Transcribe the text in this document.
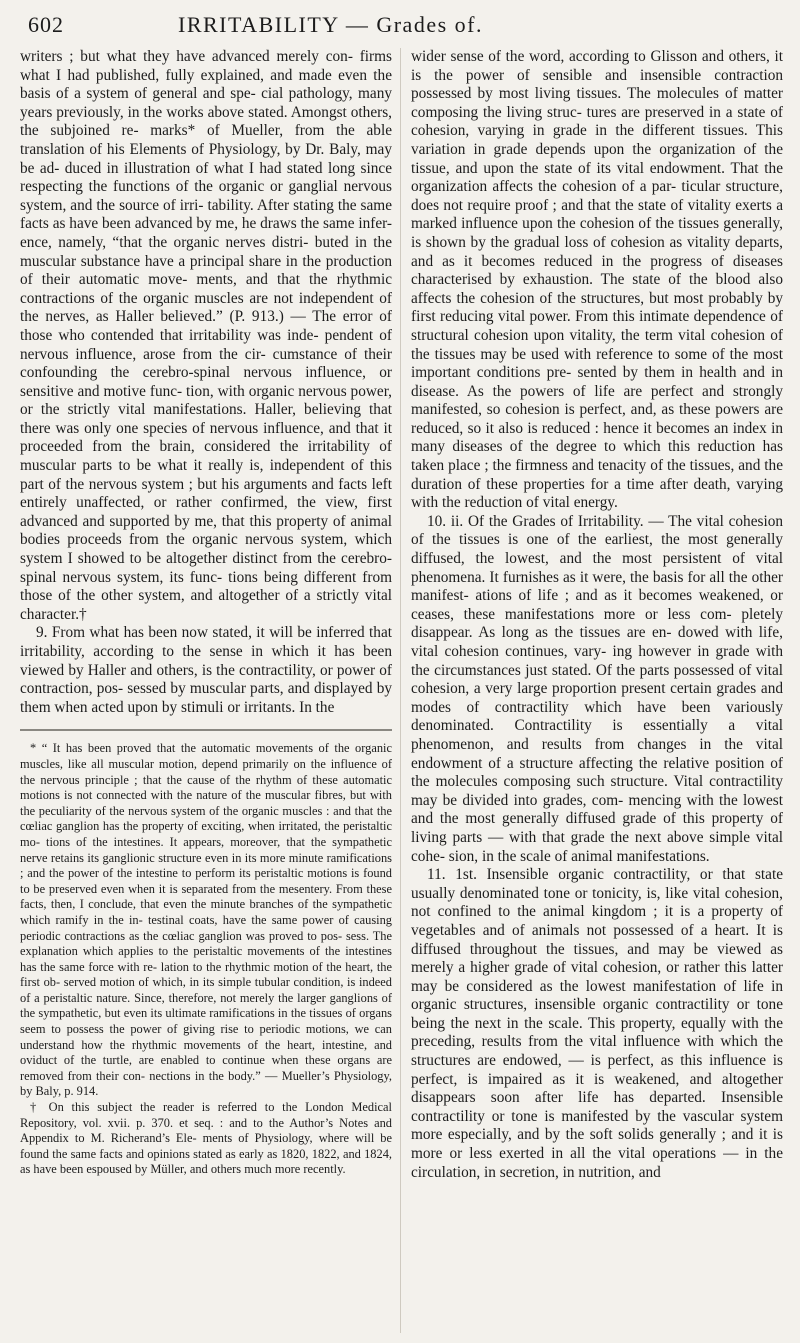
602	IRRITABILITY — Grades of.

writers ; but what they have advanced merely con- firms what I had published, fully explained, and made even the basis of a system of general and spe- cial pathology, many years previously, in the works above stated. Amongst others, the subjoined re- marks* of Mueller, from the able translation of his Elements of Physiology, by Dr. Baly, may be ad- duced in illustration of what I had stated long since respecting the functions of the organic or ganglial nervous system, and the source of irri- tability. After stating the same facts as have been advanced by me, he draws the same infer- ence, namely, “that the organic nerves distri- buted in the muscular substance have a principal share in the production of their automatic move- ments, and that the rhythmic contractions of the organic muscles are not independent of the nerves, as Haller believed.” (P. 913.) — The error of those who contended that irritability was inde- pendent of nervous influence, arose from the cir- cumstance of their confounding the cerebro-spinal nervous influence, or sensitive and motive func- tion, with organic nervous power, or the strictly vital manifestations. Haller, believing that there was only one species of nervous influence, and that it proceeded from the brain, considered the irritability of muscular parts to be what it really is, independent of this part of the nervous system ; but his arguments and facts left entirely unaffected, or rather confirmed, the view, first advanced and supported by me, that this property of animal bodies proceeds from the organic nervous system, which system I showed to be altogether distinct from the cerebro-spinal nervous system, its func- tions being different from those of the other system, and altogether of a strictly vital character.†

9. From what has been now stated, it will be inferred that irritability, according to the sense in which it has been viewed by Haller and others, is the contractility, or power of contraction, pos- sessed by muscular parts, and displayed by them when acted upon by stimuli or irritants. In the

* “ It has been proved that the automatic movements of the organic muscles, like all muscular motion, depend primarily on the influence of the nervous principle ; that the cause of the rhythm of these automatic motions is not connected with the nature of the muscular fibres, but with the peculiarity of the nervous system of the organic muscles : and that the cœliac ganglion has the property of exciting, when irritated, the peristaltic mo- tions of the intestines. It appears, moreover, that the sympathetic nerve retains its ganglionic structure even in its more minute ramifications ; and the power of the intestine to perform its peristaltic motions is found to be preserved even when it is separated from the mesentery. From these facts, then, I conclude, that even the minute branches of the sympathetic which ramify in the in- testinal coats, have the same power of causing periodic contractions as the cœliac ganglion was proved to pos- sess. The explanation which applies to the peristaltic movements of the intestines has the same force with re- lation to the rhythmic motion of the heart, the first ob- served motion of which, in its simple tubular condition, is indeed of a peristaltic nature. Since, therefore, not merely the larger ganglions of the sympathetic, but even its ultimate ramifications in the tissues of organs seem to possess the power of giving rise to periodic motions, we can understand how the rhythmic movements of the heart, intestine, and oviduct of the turtle, are enabled to continue when these organs are removed from their con- nections in the body.” — Mueller’s Physiology, by Baly, p. 914.

† On this subject the reader is referred to the London Medical Repository, vol. xvii. p. 370. et seq. : and to the Author’s Notes and Appendix to M. Richerand’s Ele- ments of Physiology, where will be found the same facts and opinions stated as early as 1820, 1822, and 1824, as have been espoused by Müller, and others much more recently.

wider sense of the word, according to Glisson and others, it is the power of sensible and insensible contraction possessed by most living tissues. The molecules of matter composing the living struc- tures are preserved in a state of cohesion, varying in grade in the different tissues. This variation in grade depends upon the organization of the tissue, and upon the state of its vital endowment. That the organization affects the cohesion of a par- ticular structure, does not require proof ; and that the state of vitality exerts a marked influence upon the cohesion of the tissues generally, is shown by the gradual loss of cohesion as vitality departs, and as it becomes reduced in the progress of diseases characterised by exhaustion. The state of the blood also affects the cohesion of the structures, but most probably by first reducing vital power. From this intimate dependence of structural cohesion upon vitality, the term vital cohesion of the tissues may be used with reference to some of the most important conditions pre- sented by them in health and in disease. As the powers of life are perfect and strongly manifested, so cohesion is perfect, and, as these powers are reduced, so it also is reduced : hence it becomes an index in many diseases of the degree to which this reduction has taken place ; the firmness and tenacity of the tissues, and the duration of these properties for a time after death, varying with the reduction of vital energy.

10. ii. Of the Grades of Irritability. — The vital cohesion of the tissues is one of the earliest, the most generally diffused, the lowest, and the most persistent of vital phenomena. It furnishes as it were, the basis for all the other manifest- ations of life ; and as it becomes weakened, or ceases, these manifestations more or less com- pletely disappear. As long as the tissues are en- dowed with life, vital cohesion continues, vary- ing however in grade with the circumstances just stated. Of the parts possessed of vital cohesion, a very large proportion present certain grades and modes of contractility which have been variously denominated. Contractility is essentially a vital phenomenon, and results from changes in the vital endowment of a structure affecting the relative position of the molecules composing such structure. Vital contractility may be divided into grades, com- mencing with the lowest and the most generally diffused grade of this property of living parts — with that grade the next above simple vital cohe- sion, in the scale of animal manifestations.

11. 1st. Insensible organic contractility, or that state usually denominated tone or tonicity, is, like vital cohesion, not confined to the animal kingdom ; it is a property of vegetables and of animals not possessed of a heart. It is diffused throughout the tissues, and may be viewed as merely a higher grade of vital cohesion, or rather this latter may be considered as the lowest manifestation of life in organic structures, insensible organic contractility or tone being the next in the scale. This property, equally with the preceding, results from the vital influence with which the structures are endowed, — is perfect, as this influence is perfect, is impaired as it is weakened, and altogether disappears soon after life has departed. Insensible contractility or tone is manifested by the vascular system more especially, and by the soft solids generally ; and it is more or less exerted in all the vital operations — in the circulation, in secretion, in nutrition, and
